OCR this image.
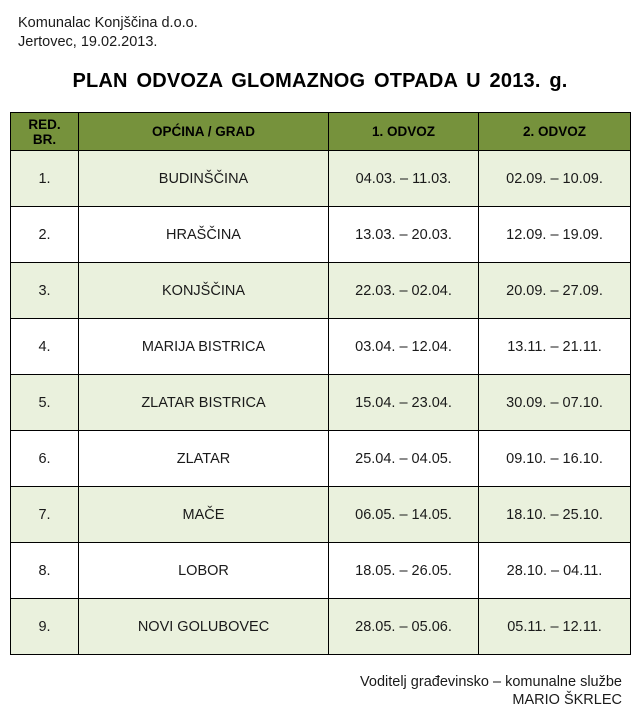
Komunalac Konjščina d.o.o.
Jertovec, 19.02.2013.
PLAN ODVOZA GLOMAZNOG OTPADA U 2013. g.
RED. BR.	OPĆINA / GRAD	1. ODVOZ	2. ODVOZ
1.	BUDINŠČINA	04.03. – 11.03.	02.09. – 10.09.
2.	HRAŠČINA	13.03. – 20.03.	12.09. – 19.09.
3.	KONJŠČINA	22.03. – 02.04.	20.09. – 27.09.
4.	MARIJA BISTRICA	03.04. – 12.04.	13.11. – 21.11.
5.	ZLATAR BISTRICA	15.04. – 23.04.	30.09. – 07.10.
6.	ZLATAR	25.04. – 04.05.	09.10. – 16.10.
7.	MAČE	06.05. – 14.05.	18.10. – 25.10.
8.	LOBOR	18.05. – 26.05.	28.10. – 04.11.
9.	NOVI GOLUBOVEC	28.05. – 05.06.	05.11. – 12.11.
Voditelj građevinsko – komunalne službe
MARIO ŠKRLEC
